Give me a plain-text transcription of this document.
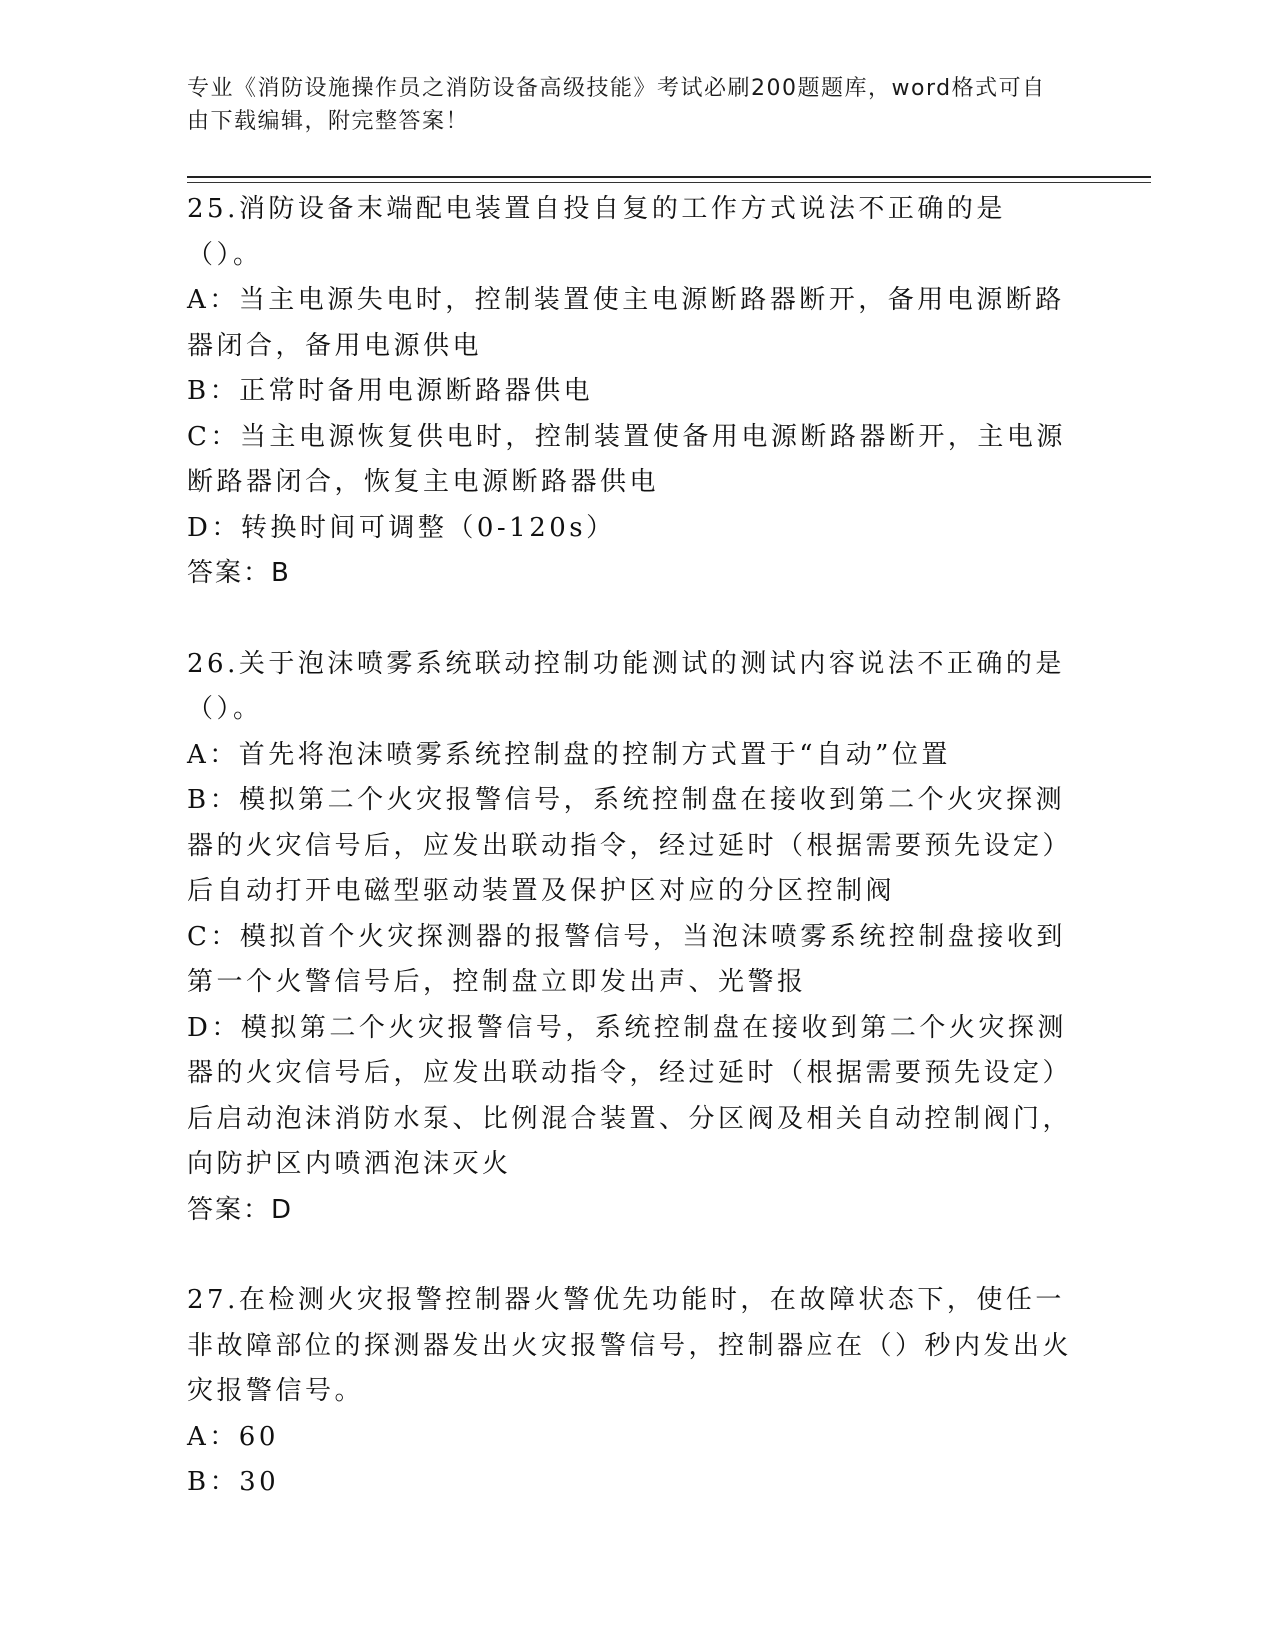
专业《消防设施操作员之消防设备高级技能》考试必刷200题题库，word格式可自由下载编辑，附完整答案！

25.消防设备末端配电装置自投自复的工作方式说法不正确的是（）。

A：当主电源失电时，控制装置使主电源断路器断开，备用电源断路器闭合，备用电源供电

B：正常时备用电源断路器供电

C：当主电源恢复供电时，控制装置使备用电源断路器断开，主电源断路器闭合，恢复主电源断路器供电

D：转换时间可调整（0-120s）

答案：B

26.关于泡沫喷雾系统联动控制功能测试的测试内容说法不正确的是（）。

A：首先将泡沫喷雾系统控制盘的控制方式置于“自动”位置

B：模拟第二个火灾报警信号，系统控制盘在接收到第二个火灾探测器的火灾信号后，应发出联动指令，经过延时（根据需要预先设定）后自动打开电磁型驱动装置及保护区对应的分区控制阀

C：模拟首个火灾探测器的报警信号，当泡沫喷雾系统控制盘接收到第一个火警信号后，控制盘立即发出声、光警报

D：模拟第二个火灾报警信号，系统控制盘在接收到第二个火灾探测器的火灾信号后，应发出联动指令，经过延时（根据需要预先设定）后启动泡沫消防水泵、比例混合装置、分区阀及相关自动控制阀门，向防护区内喷洒泡沫灭火

答案：D

27.在检测火灾报警控制器火警优先功能时，在故障状态下，使任一非故障部位的探测器发出火灾报警信号，控制器应在（）秒内发出火灾报警信号。

A：60

B：30
